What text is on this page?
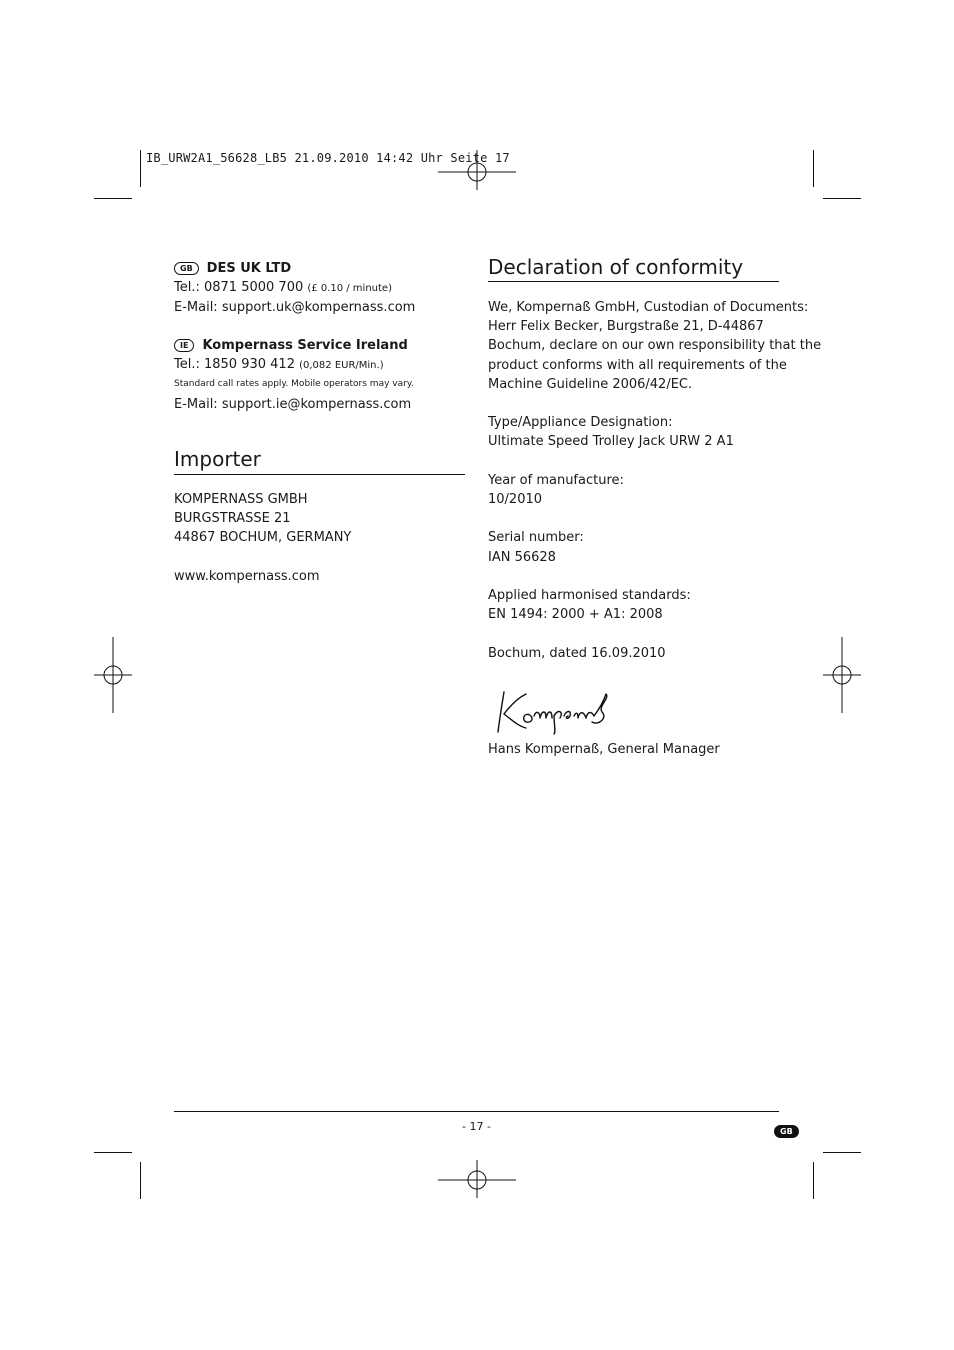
IB_URW2A1_56628_LB5 21.09.2010 14:42 Uhr Seite 17

GB DES UK LTD

Tel.: 0871 5000 700 (£ 0.10 / minute)

E-Mail: support.uk@kompernass.com

IE Kompernass Service Ireland

Tel.: 1850 930 412 (0,082 EUR/Min.)

Standard call rates apply. Mobile operators may vary.

E-Mail: support.ie@kompernass.com

Importer

KOMPERNASS GMBH

BURGSTRASSE 21

44867 BOCHUM, GERMANY

www.kompernass.com

Declaration of conformity

We, Kompernaß GmbH, Custodian of Documents:

Herr Felix Becker, Burgstraße 21, D-44867

Bochum, declare on our own responsibility that the

product conforms with all requirements of the

Machine Guideline 2006/42/EC.

Type/Appliance Designation:

Ultimate Speed Trolley Jack URW 2 A1

Year of manufacture:

10/2010

Serial number:

IAN 56628

Applied harmonised standards:

EN 1494: 2000 + A1: 2008

Bochum, dated 16.09.2010

Hans Kompernaß, General Manager

- 17 -	GB
